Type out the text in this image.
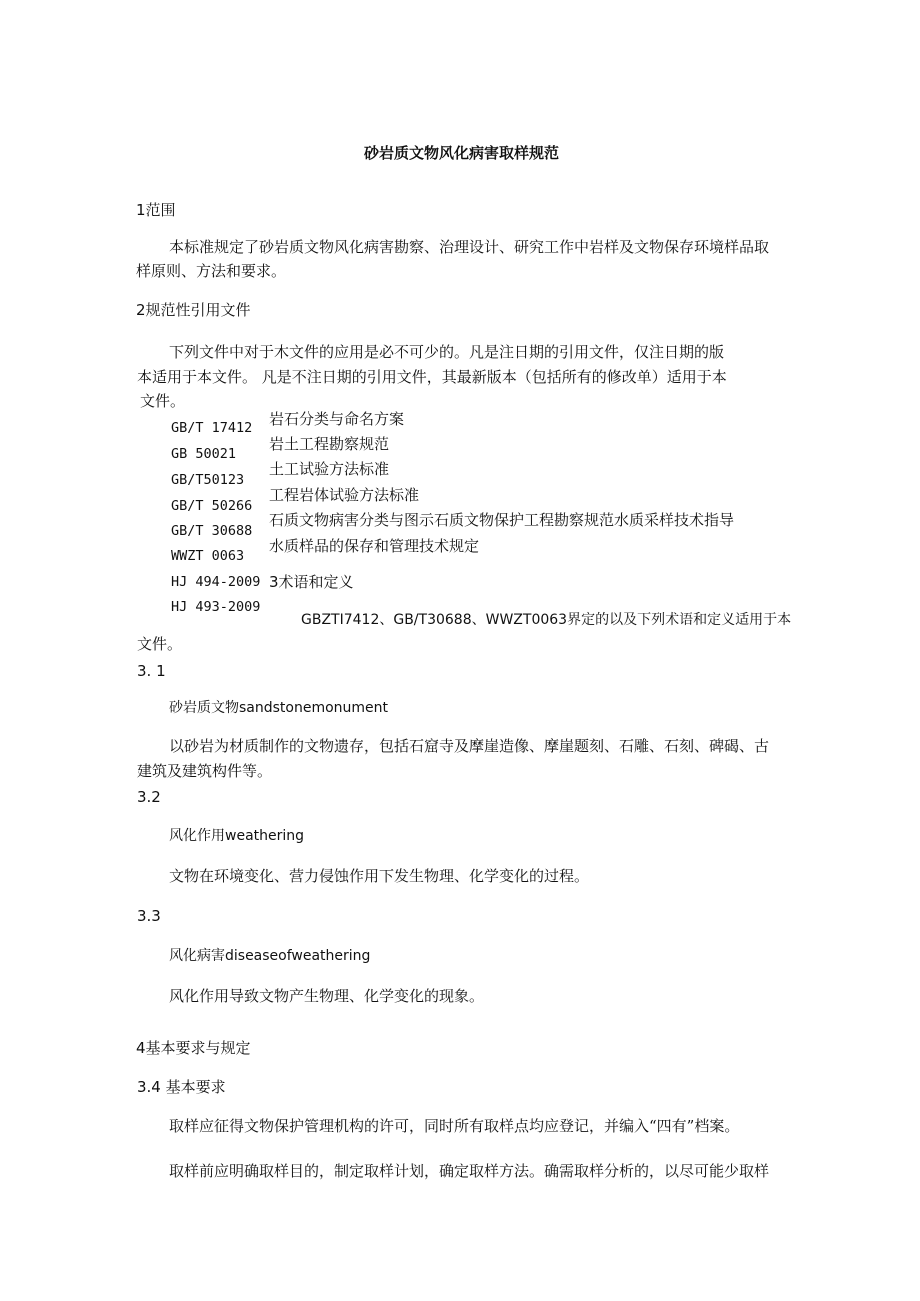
砂岩质文物风化病害取样规范

1范围

本标准规定了砂岩质文物风化病害勘察、治理设计、研究工作中岩样及文物保存环境样品取

样原则、方法和要求。

2规范性引用文件

下列文件中对于木文件的应用是必不可少的。凡是注日期的引用文件，仅注日期的版

本适用于本文件。 凡是不注日期的引用文件，其最新版本（包括所有的修改单）适用于本

文件。

GB/T 17412

GB 50021

GB/T50123

GB/T 50266

GB/T 30688

WWZT 0063

HJ 494-2009

HJ 493-2009

岩石分类与命名方案

岩土工程勘察规范

土工试验方法标准

工程岩体试验方法标准

石质文物病害分类与图示石质文物保护工程勘察规范水质采样技术指导

水质样品的保存和管理技术规定

3术语和定义

GBZTI7412、GB/T30688、WWZT0063界定的以及下列术语和定义适用于本

文件。

3. 1

砂岩质文物sandstonemonument

以砂岩为材质制作的文物遗存，包括石窟寺及摩崖造像、摩崖题刻、石雕、石刻、碑碣、古

建筑及建筑构件等。

3.2

风化作用weathering

文物在环境变化、营力侵蚀作用下发生物理、化学变化的过程。

3.3

风化病害diseaseofweathering

风化作用导致文物产生物理、化学变化的现象。

4基本要求与规定

3.4 基本要求

取样应征得文物保护管理机构的许可，同时所有取样点均应登记，并编入“四有”档案。

取样前应明确取样目的，制定取样计划，确定取样方法。确需取样分析的，以尽可能少取样
